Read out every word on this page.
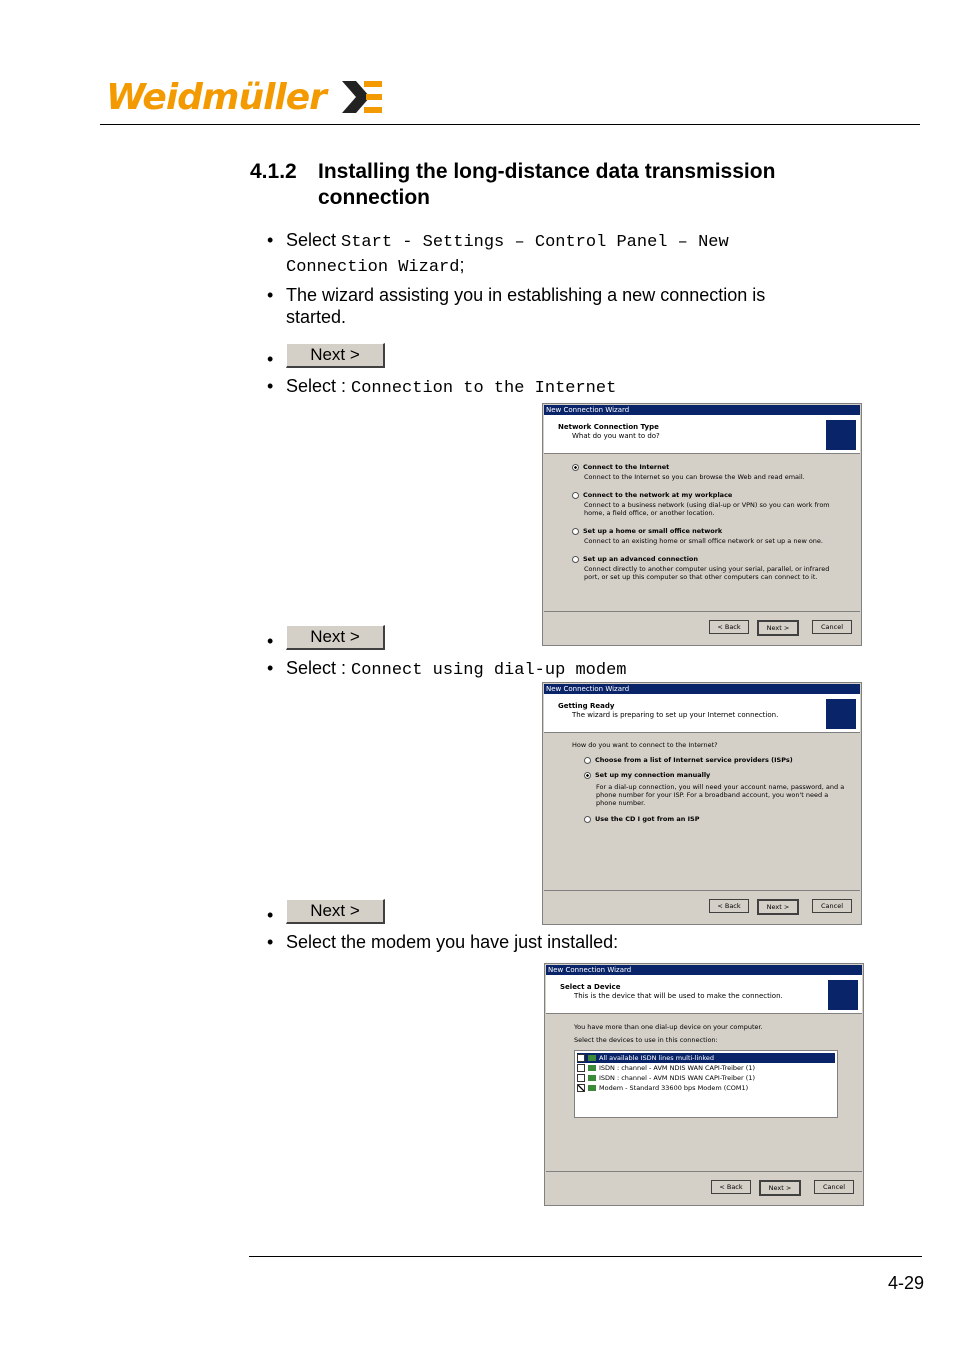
Weidmüller
4.1.2 Installing the long-distance data transmission connection
• Select Start - Settings – Control Panel – New
Connection Wizard;
• The wizard assisting you in establishing a new connection is
started.
•	Next >
• Select : Connection to the Internet
New Connection Wizard
Network Connection Type
What do you want to do?
Connect to the Internet
Connect to the Internet so you can browse the Web and read email.
Connect to the network at my workplace
Connect to a business network (using dial-up or VPN) so you can work from home, a field office, or another location.
Set up a home or small office network
Connect to an existing home or small office network or set up a new one.
Set up an advanced connection
Connect directly to another computer using your serial, parallel, or infrared port, or set up this computer so that other computers can connect to it.
< Back	Next >	Cancel
•	Next >
• Select : Connect using dial-up modem
New Connection Wizard
Getting Ready
The wizard is preparing to set up your Internet connection.
How do you want to connect to the Internet?
Choose from a list of Internet service providers (ISPs)
Set up my connection manually
For a dial-up connection, you will need your account name, password, and a phone number for your ISP. For a broadband account, you won't need a phone number.
Use the CD I got from an ISP
< Back	Next >	Cancel
•	Next >
• Select the modem you have just installed:
New Connection Wizard
Select a Device
This is the device that will be used to make the connection.
You have more than one dial-up device on your computer.
Select the devices to use in this connection:
All available ISDN lines multi-linked
ISDN : channel - AVM NDIS WAN CAPI-Treiber (1)
ISDN : channel - AVM NDIS WAN CAPI-Treiber (1)
Modem - Standard 33600 bps Modem (COM1)
< Back	Next >	Cancel
4-29
